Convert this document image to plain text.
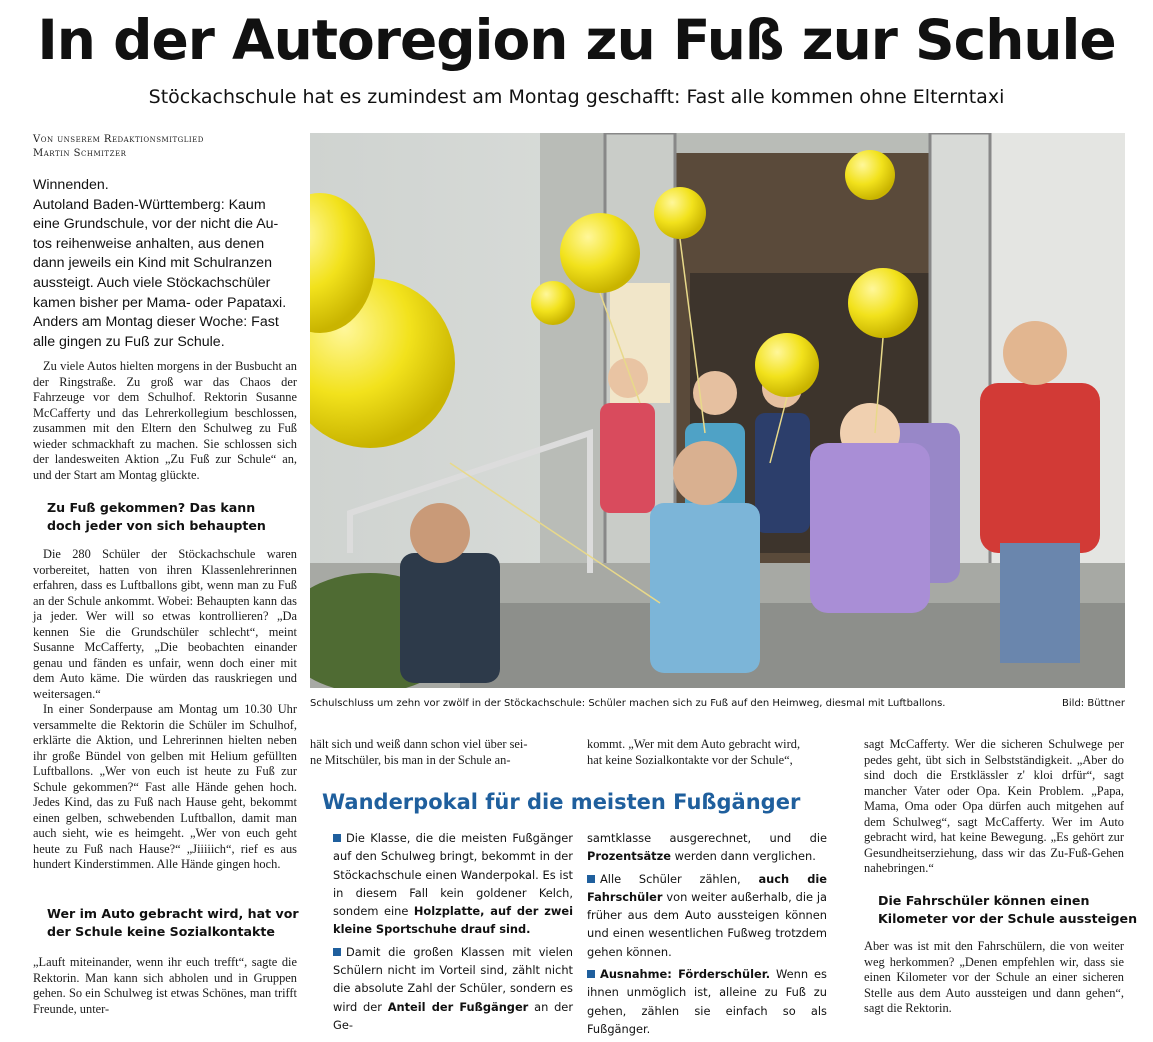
In der Autoregion zu Fuß zur Schule
Stöckachschule hat es zumindest am Montag geschafft: Fast alle kommen ohne Elterntaxi
Von unserem Redaktionsmitglied
Martin Schmitzer
Winnenden.
Autoland Baden-Württemberg: Kaum
eine Grundschule, vor der nicht die Au-
tos reihenweise anhalten, aus denen
dann jeweils ein Kind mit Schulranzen
aussteigt. Auch viele Stöckachschüler
kamen bisher per Mama- oder Papataxi.
Anders am Montag dieser Woche: Fast
alle gingen zu Fuß zur Schule.

Zu viele Autos hielten morgens in der Busbucht an der Ringstraße. Zu groß war das Chaos der Fahrzeuge vor dem Schulhof. Rektorin Susanne McCafferty und das Lehrerkollegium beschlossen, zusammen mit den Eltern den Schulweg zu Fuß wieder schmackhaft zu machen. Sie schlossen sich der landesweiten Aktion „Zu Fuß zur Schule“ an, und der Start am Montag glückte.

Zu Fuß gekommen? Das kann
doch jeder von sich behaupten

Die 280 Schüler der Stöckachschule waren vorbereitet, hatten von ihren Klassenlehrerinnen erfahren, dass es Luftballons gibt, wenn man zu Fuß an der Schule ankommt. Wobei: Behaupten kann das ja jeder. Wer will so etwas kontrollieren? „Da kennen Sie die Grundschüler schlecht“, meint Susanne McCafferty, „Die beobachten einander genau und fänden es unfair, wenn doch einer mit dem Auto käme. Die würden das rauskriegen und weitersagen.“

In einer Sonderpause am Montag um 10.30 Uhr versammelte die Rektorin die Schüler im Schulhof, erklärte die Aktion, und Lehrerinnen hielten neben ihr große Bündel von gelben mit Helium gefüllten Luftballons. „Wer von euch ist heute zu Fuß zur Schule gekommen?“ Fast alle Hände gehen hoch. Jedes Kind, das zu Fuß nach Hause geht, bekommt einen gelben, schwebenden Luftballon, damit man auch sieht, wie es heimgeht. „Wer von euch geht heute zu Fuß nach Hause?“ „Jiiiiich“, rief es aus hundert Kinderstimmen. Alle Hände gingen hoch.

Wer im Auto gebracht wird, hat vor
der Schule keine Sozialkontakte

„Lauft miteinander, wenn ihr euch trefft“, sagte die Rektorin. Man kann sich abholen und in Gruppen gehen. So ein Schulweg ist etwas Schönes, man trifft Freunde, unter-

Schulschluss um zehn vor zwölf in der Stöckachschule: Schüler machen sich zu Fuß auf den Heimweg, diesmal mit Luftballons.	Bild: Büttner
hält sich und weiß dann schon viel über sei-
ne Mitschüler, bis man in der Schule an-
kommt. „Wer mit dem Auto gebracht wird,
hat keine Sozialkontakte vor der Schule“,
Wanderpokal für die meisten Fußgänger

Die Klasse, die die meisten Fußgänger auf den Schulweg bringt, bekommt in der Stöckachschule einen Wanderpokal. Es ist in diesem Fall kein goldener Kelch, sondem eine Holzplatte, auf der zwei kleine Sportschuhe drauf sind.

Damit die großen Klassen mit vielen Schülern nicht im Vorteil sind, zählt nicht die absolute Zahl der Schüler, sondern es wird der Anteil der Fußgänger an der Ge-

samtklasse ausgerechnet, und die Prozentsätze werden dann verglichen.

Alle Schüler zählen, auch die Fahrschüler von weiter außerhalb, die ja früher aus dem Auto aussteigen können und einen wesentlichen Fußweg trotzdem gehen können.

Ausnahme: Förderschüler. Wenn es ihnen unmöglich ist, alleine zu Fuß zu gehen, zählen sie einfach so als Fußgänger.

sagt McCafferty. Wer die sicheren Schulwege per pedes geht, übt sich in Selbstständigkeit. „Aber do sind doch die Erstklässler z' kloi drfür“, sagt mancher Vater oder Opa. Kein Problem. „Papa, Mama, Oma oder Opa dürfen auch mitgehen auf dem Schulweg“, sagt McCafferty. Wer im Auto gebracht wird, hat keine Bewegung. „Es gehört zur Gesundheitserziehung, dass wir das Zu-Fuß-Gehen nahebringen.“

Die Fahrschüler können einen
Kilometer vor der Schule aussteigen

Aber was ist mit den Fahrschülern, die von weiter weg herkommen? „Denen empfehlen wir, dass sie einen Kilometer vor der Schule an einer sicheren Stelle aus dem Auto aussteigen und dann gehen“, sagt die Rektorin.
